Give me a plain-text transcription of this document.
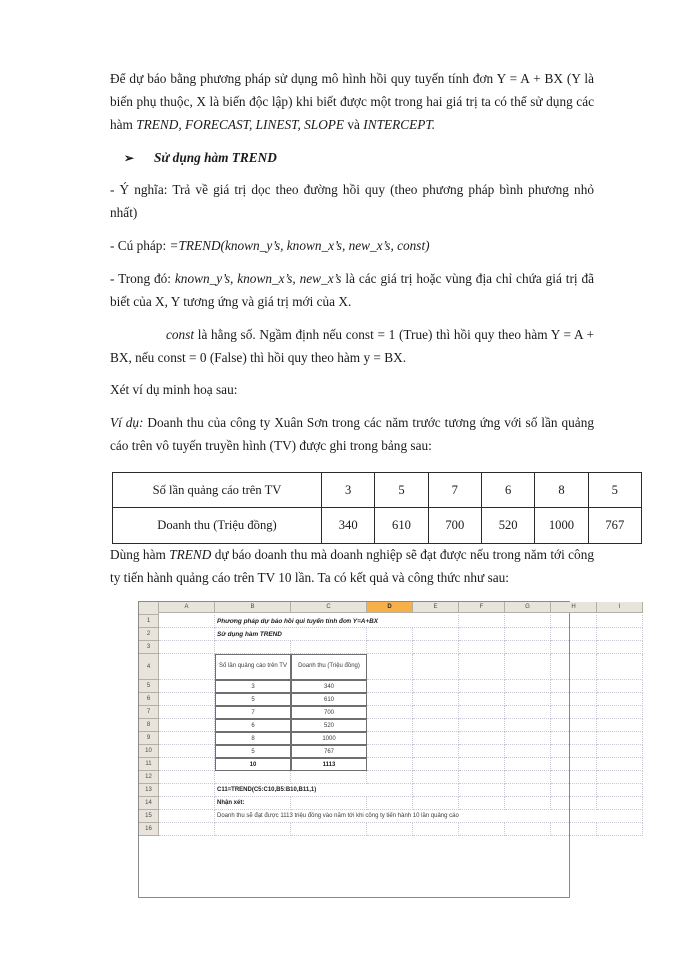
Để dự báo bằng phương pháp sử dụng mô hình hồi quy tuyến tính đơn Y = A + BX (Y là biến phụ thuộc, X là biến độc lập) khi biết được một trong hai giá trị ta có thể sử dụng các hàm TREND, FORECAST, LINEST, SLOPE và INTERCEPT.

➢	Sử dụng hàm TREND

- Ý nghĩa: Trả về giá trị dọc theo đường hồi quy (theo phương pháp bình phương nhỏ nhất)

- Cú pháp: =TREND(known_y’s, known_x’s, new_x’s, const)

- Trong đó: known_y’s, known_x’s, new_x’s là các giá trị hoặc vùng địa chỉ chứa giá trị đã biết của X, Y tương ứng và giá trị mới của X.

const là hằng số. Ngầm định nếu const = 1 (True) thì hồi quy theo hàm Y = A + BX, nếu const = 0 (False) thì hồi quy theo hàm y = BX.

Xét ví dụ minh hoạ sau:

Ví dụ: Doanh thu của công ty Xuân Sơn trong các năm trước tương ứng với số lần quảng cáo trên vô tuyến truyền hình (TV) được ghi trong bảng sau:

Số lần quảng cáo trên TV	3	5	7	6	8	5
Doanh thu (Triệu đồng)	340	610	700	520	1000	767

Dùng hàm TREND dự báo doanh thu mà doanh nghiệp sẽ đạt được nếu trong năm tới công ty tiến hành quảng cáo trên TV 10 lần. Ta có kết quả và công thức như sau:

A	B	C	D	E	F	G	H	I
1	Phương pháp dự báo hồi qui tuyến tính đơn Y=A+BX
2	Sử dụng hàm TREND
3
4	Số lần quảng cáo trên TV	Doanh thu (Triệu đồng)
5	3	340
6	5	610
7	7	700
8	6	520
9	8	1000
10	5	767
11	10	1113
12
13	C11=TREND(C5:C10,B5:B10,B11,1)
14	Nhận xét:
15	Doanh thu sẽ đạt được 1113 triệu đồng vào năm tới khi công ty tiến hành 10 lần quảng cáo
16
